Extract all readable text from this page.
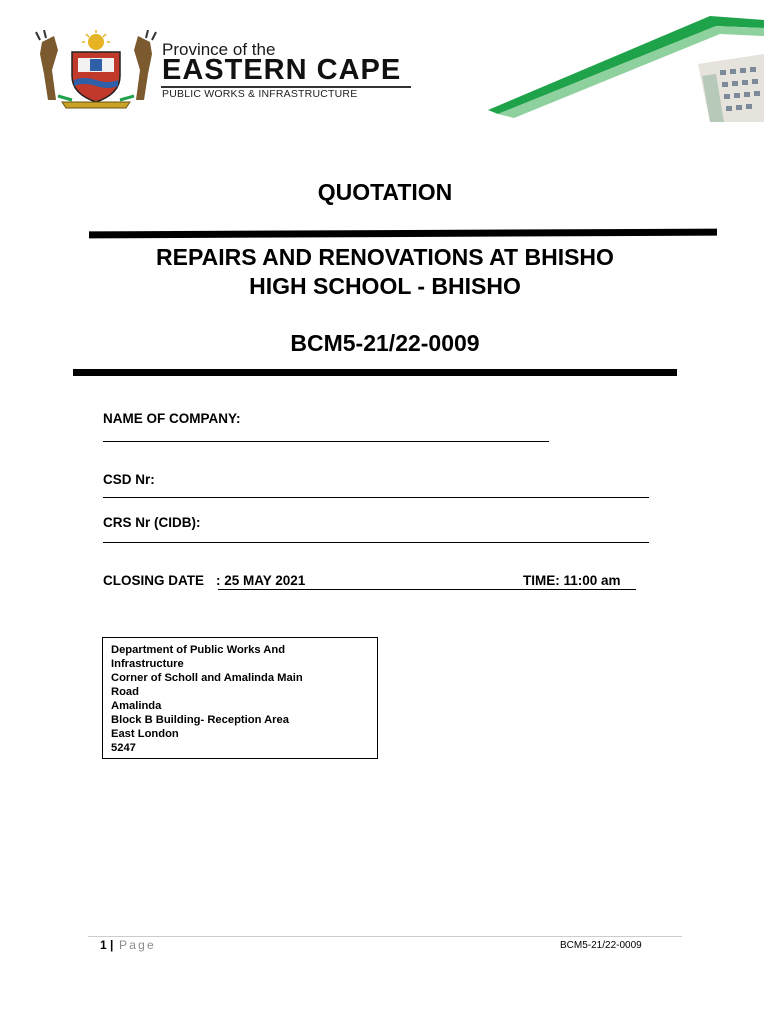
Province of the
EASTERN CAPE
PUBLIC WORKS & INFRASTRUCTURE
QUOTATION
REPAIRS AND RENOVATIONS AT BHISHO
HIGH SCHOOL - BHISHO
BCM5-21/22-0009
NAME OF COMPANY:
CSD Nr:
CRS Nr (CIDB):
CLOSING DATE : 25 MAY 2021	TIME: 11:00 am
Department of Public Works And
Infrastructure
Corner of Scholl and Amalinda Main
Road
Amalinda
Block B Building- Reception Area
East London
5247
1 | Page	BCM5-21/22-0009
